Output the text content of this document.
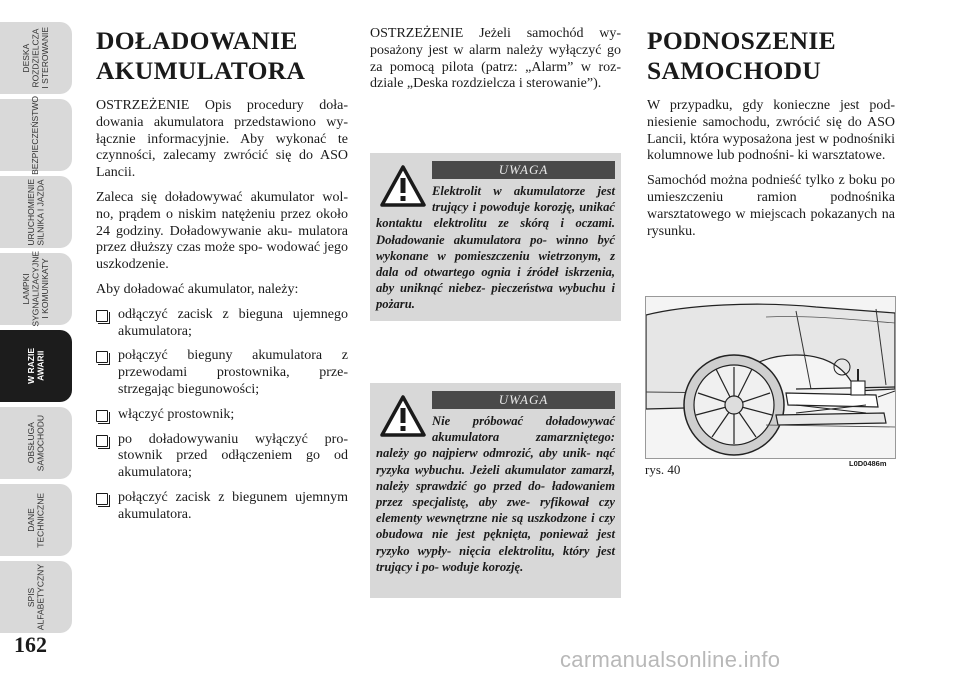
DESKA
ROZDZIELCZA
I STEROWANIE
BEZPIECZEŃSTWO
URUCHOMIENIE
SILNIKA I JAZDA
LAMPKI
SYGNALIZACYJNE
I KOMUNIKATY
W RAZIE
AWARII
OBSŁUGA
SAMOCHODU
DANE
TECHNICZNE
SPIS
ALFABETYCZNY
162
DOŁADOWANIE
AKUMULATORA

OSTRZEŻENIE Opis procedury doła- dowania akumulatora przedstawiono wy- łącznie informacyjnie. Aby wykonać te czynności, zalecamy zwrócić się do ASO Lancii.

Zaleca się doładowywać akumulator wol- no, prądem o niskim natężeniu przez około 24 godziny. Doładowywanie aku- mulatora przez dłuższy czas może spo- wodować jego uszkodzenie.

Aby doładować akumulator, należy:

odłączyć zacisk z bieguna ujemnego akumulatora;
połączyć bieguny akumulatora z przewodami prostownika, prze- strzegając biegunowości;
włączyć prostownik;
po doładowywaniu wyłączyć pro- stownik przed odłączeniem go od akumulatora;
połączyć zacisk z biegunem ujemnym akumulatora.

OSTRZEŻENIE Jeżeli samochód wy- posażony jest w alarm należy wyłączyć go za pomocą pilota (patrz: „Alarm” w roz- dziale „Deska rozdzielcza i sterowanie”).

UWAGA
Elektrolit w akumulatorze jest trujący i powoduje korozję, unikać kontaktu elektrolitu ze skórą i oczami. Doładowanie akumulatora po- winno być wykonane w pomieszczeniu wietrzonym, z dala od otwartego ognia i źródeł iskrzenia, aby uniknąć niebez- pieczeństwa wybuchu i pożaru.
UWAGA
Nie próbować doładowywać akumulatora zamarzniętego: należy go najpierw odmrozić, aby unik- nąć ryzyka wybuchu. Jeżeli akumulator zamarzł, należy sprawdzić go przed do- ładowaniem przez specjalistę, aby zwe- ryfikował czy elementy wewnętrzne nie są uszkodzone i czy obudowa nie jest pęknięta, ponieważ jest ryzyko wypły- nięcia elektrolitu, który jest trujący i po- woduje korozję.
PODNOSZENIE
SAMOCHODU

W przypadku, gdy konieczne jest pod- niesienie samochodu, zwrócić się do ASO Lancii, która wyposażona jest w podnośniki kolumnowe lub podnośni- ki warsztatowe.

Samochód można podnieść tylko z boku po umieszczeniu ramion podnośnika warsztatowego w miejscach pokazanych na rysunku.

rys. 40	L0D0486m
carmanualsonline.info
